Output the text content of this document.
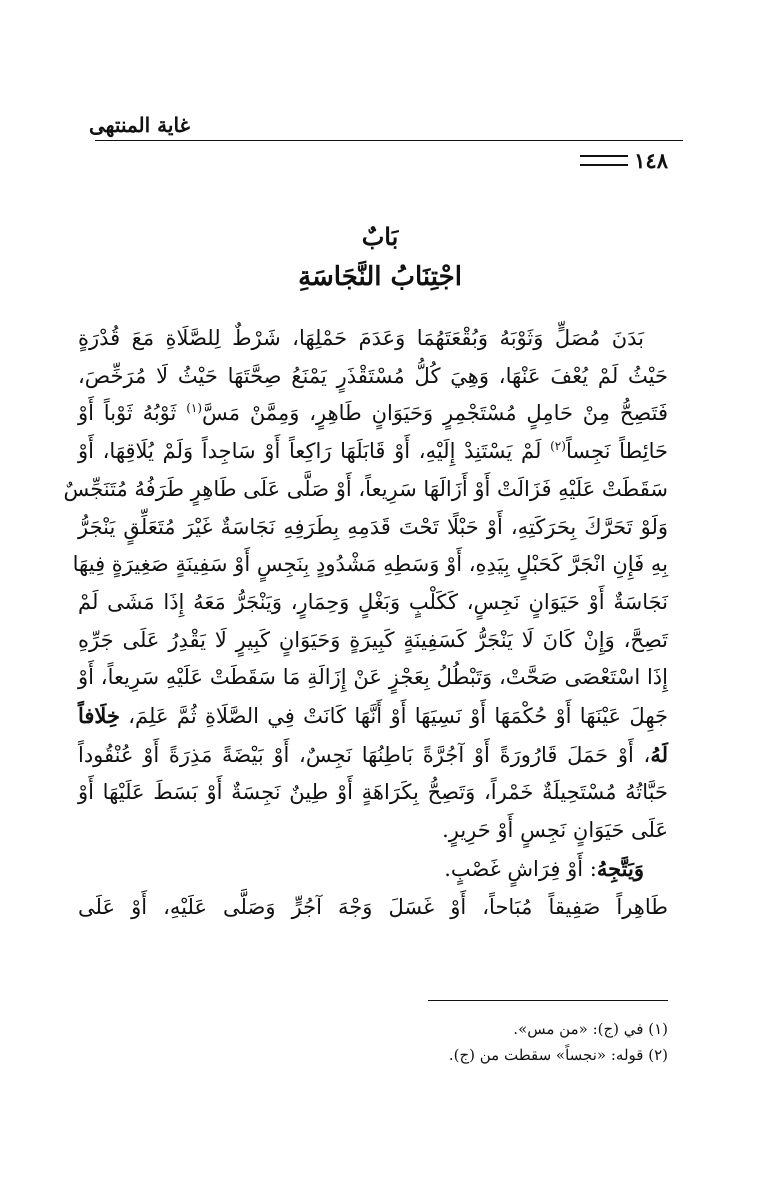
غاية المنتهى
١٤٨
بَابٌ
اجْتِنَابُ النَّجَاسَةِ
بَدَنَ مُصَلٍّ وَثَوْبَهُ وَبُقْعَتَهُمَا وَعَدَمَ حَمْلِهَا، شَرْطٌ لِلصَّلَاةِ مَعَ قُدْرَةٍ
حَيْثُ لَمْ يُعْفَ عَنْهَا، وَهِيَ كُلُّ مُسْتَقْذَرٍ يَمْنَعُ صِحَّتَهَا حَيْثُ لَا مُرَخِّصَ،
فَتَصِحُّ مِنْ حَامِلٍ مُسْتَجْمِرٍ وَحَيَوَانٍ طَاهِرٍ، وَمِمَّنْ مَسَّ$^{(١)}$ ثَوْبُهُ ثَوْباً أَوْ
حَائِطاً نَجِساً$^{(٢)}$ لَمْ يَسْتَنِدْ إِلَيْهِ، أَوْ قَابَلَهَا رَاكِعاً أَوْ سَاجِداً وَلَمْ يُلَاقِهَا، أَوْ
سَقَطَتْ عَلَيْهِ فَزَالَتْ أَوْ أَزَالَهَا سَرِيعاً، أَوْ صَلَّى عَلَى طَاهِرٍ طَرَفُهُ مُتَنَجِّسٌ
وَلَوْ تَحَرَّكَ بِحَرَكَتِهِ، أَوْ حَبْلًا تَحْتَ قَدَمِهِ بِطَرَفِهِ نَجَاسَةٌ غَيْرَ مُتَعَلِّقٍ يَنْجَرُّ
بِهِ فَإِنِ انْجَرَّ كَحَبْلٍ بِيَدِهِ، أَوْ وَسَطِهِ مَشْدُودٍ بِنَجِسٍ أَوْ سَفِينَةٍ صَغِيرَةٍ فِيهَا
نَجَاسَةٌ أَوْ حَيَوَانٍ نَجِسٍ، كَكَلْبٍ وَبَغْلٍ وَحِمَارٍ، وَيَنْجَرُّ مَعَهُ إِذَا مَشَى لَمْ
تَصِحَّ، وَإِنْ كَانَ لَا يَنْجَرُّ كَسَفِينَةٍ كَبِيرَةٍ وَحَيَوَانٍ كَبِيرٍ لَا يَقْدِرُ عَلَى جَرِّهِ
إِذَا اسْتَعْصَى صَحَّتْ، وَتَبْطُلُ بِعَجْزٍ عَنْ إِزَالَةِ مَا سَقَطَتْ عَلَيْهِ سَرِيعاً، أَوْ
جَهِلَ عَيْنَهَا أَوْ حُكْمَهَا أَوْ نَسِيَهَا أَوْ أَنَّهَا كَانَتْ فِي الصَّلَاةِ ثُمَّ عَلِمَ، خِلَافاً
لَهُ، أَوْ حَمَلَ قَارُورَةً أَوْ آجُرَّةً بَاطِنُهَا نَجِسٌ، أَوْ بَيْضَةً مَذِرَةً أَوْ عُنْقُوداً
حَبَّاتُهُ مُسْتَحِيلَةٌ خَمْراً، وَتَصِحُّ بِكَرَاهَةٍ أَوْ طِينٌ نَجِسَةٌ أَوْ بَسَطَ عَلَيْهَا أَوْ
عَلَى حَيَوَانٍ نَجِسٍ أَوْ حَرِيرٍ.
وَيَتَّجِهُ: أَوْ فِرَاشٍ غَصْبٍ.
طَاهِراً صَفِيقاً مُبَاحاً، أَوْ غَسَلَ وَجْهَ آجُرٍّ وَصَلَّى عَلَيْهِ، أَوْ عَلَى
(١) في (ج): «من مس».
(٢) قوله: «نجساً» سقطت من (ج).
